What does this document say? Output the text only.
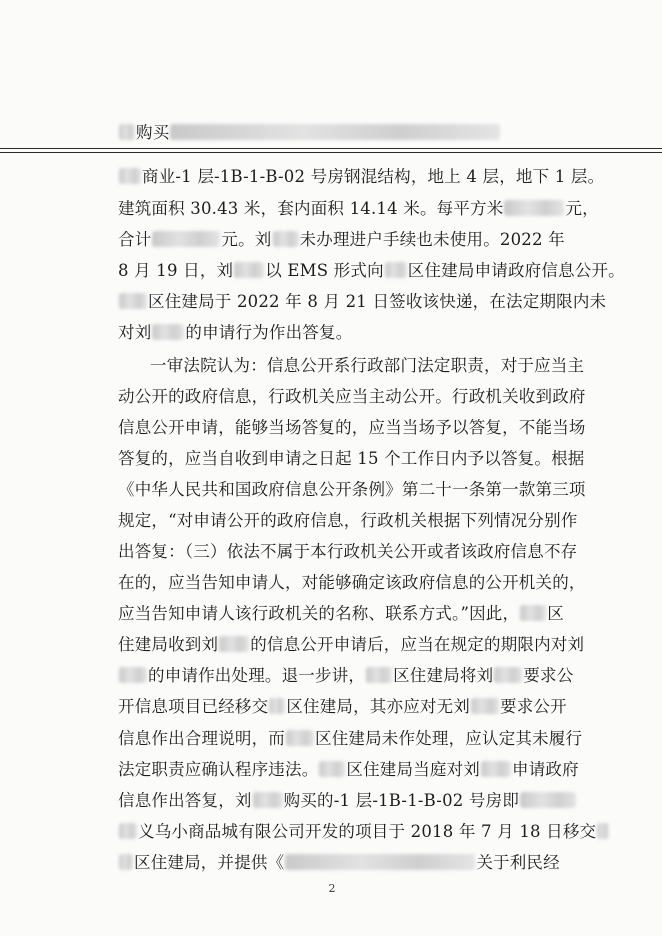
购买
商业-1 层-1B-1-B-02 号房钢混结构，地上 4 层，地下 1 层。
建筑面积 30.43 米，套内面积 14.14 米。每平方米	元，
合计	元。刘 未办理进户手续也未使用。2022 年
8 月 19 日，刘 以 EMS 形式向 区住建局申请政府信息公开。
区住建局于 2022 年 8 月 21 日签收该快递，在法定期限内未
对刘 的申请行为作出答复。
一审法院认为：信息公开系行政部门法定职责，对于应当主
动公开的政府信息，行政机关应当主动公开。行政机关收到政府
信息公开申请，能够当场答复的，应当当场予以答复，不能当场
答复的，应当自收到申请之日起 15 个工作日内予以答复。根据
《中华人民共和国政府信息公开条例》第二十一条第一款第三项
规定，“对申请公开的政府信息，行政机关根据下列情况分别作
出答复：（三）依法不属于本行政机关公开或者该政府信息不存
在的，应当告知申请人，对能够确定该政府信息的公开机关的，
应当告知申请人该行政机关的名称、联系方式。”因此， 区
住建局收到刘 的信息公开申请后，应当在规定的期限内对刘
的申请作出处理。退一步讲， 区住建局将刘 要求公
开信息项目已经移交 区住建局，其亦应对无刘 要求公开
信息作出合理说明，而 区住建局未作处理，应认定其未履行
法定职责应确认程序违法。 区住建局当庭对刘 申请政府
信息作出答复，刘 购买的-1 层-1B-1-B-02 号房即
义乌小商品城有限公司开发的项目于 2018 年 7 月 18 日移交
区住建局，并提供《	关于利民经
2
